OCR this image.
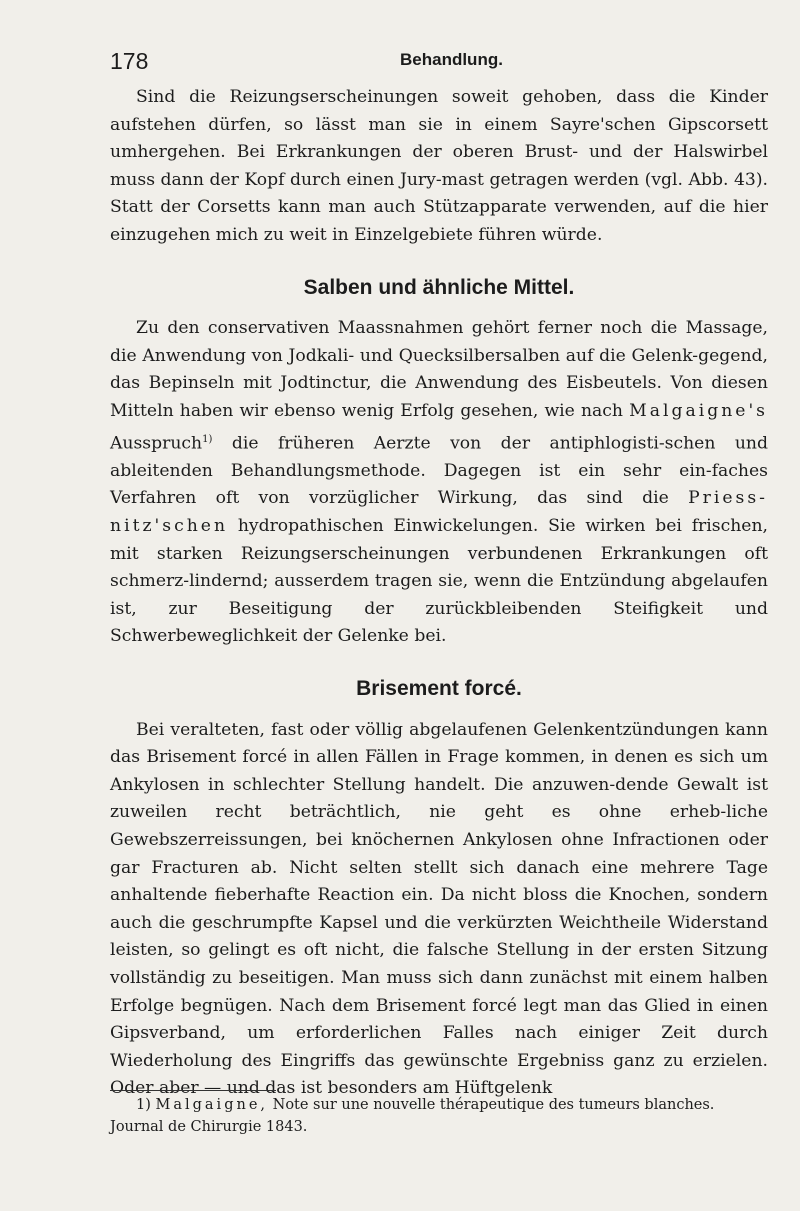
178	Behandlung.

Sind die Reizungserscheinungen soweit gehoben, dass die Kinder aufstehen dürfen, so lässt man sie in einem Sayre'schen Gipscorsett umhergehen. Bei Erkrankungen der oberen Brust- und der Halswirbel muss dann der Kopf durch einen Jury-mast getragen werden (vgl. Abb. 43). Statt der Corsetts kann man auch Stützapparate verwenden, auf die hier einzugehen mich zu weit in Einzelgebiete führen würde.

Salben und ähnliche Mittel.

Zu den conservativen Maassnahmen gehört ferner noch die Massage, die Anwendung von Jodkali- und Quecksilbersalben auf die Gelenk-gegend, das Bepinseln mit Jodtinctur, die Anwendung des Eisbeutels. Von diesen Mitteln haben wir ebenso wenig Erfolg gesehen, wie nach Malgaigne's Ausspruch$^{1)}$ die früheren Aerzte von der antiphlogisti-schen und ableitenden Behandlungsmethode. Dagegen ist ein sehr ein-faches Verfahren oft von vorzüglicher Wirkung, das sind die Priess-nitz'schen hydropathischen Einwickelungen. Sie wirken bei frischen, mit starken Reizungserscheinungen verbundenen Erkrankungen oft schmerz-lindernd; ausserdem tragen sie, wenn die Entzündung abgelaufen ist, zur Beseitigung der zurückbleibenden Steifigkeit und Schwerbeweglichkeit der Gelenke bei.

Brisement forcé.

Bei veralteten, fast oder völlig abgelaufenen Gelenkentzündungen kann das Brisement forcé in allen Fällen in Frage kommen, in denen es sich um Ankylosen in schlechter Stellung handelt. Die anzuwen-dende Gewalt ist zuweilen recht beträchtlich, nie geht es ohne erheb-liche Gewebszerreissungen, bei knöchernen Ankylosen ohne Infractionen oder gar Fracturen ab. Nicht selten stellt sich danach eine mehrere Tage anhaltende fieberhafte Reaction ein. Da nicht bloss die Knochen, sondern auch die geschrumpfte Kapsel und die verkürzten Weichtheile Widerstand leisten, so gelingt es oft nicht, die falsche Stellung in der ersten Sitzung vollständig zu beseitigen. Man muss sich dann zunächst mit einem halben Erfolge begnügen. Nach dem Brisement forcé legt man das Glied in einen Gipsverband, um erforderlichen Falles nach einiger Zeit durch Wiederholung des Eingriffs das gewünschte Ergebniss ganz zu erzielen. Oder aber — und das ist besonders am Hüftgelenk

1) Malgaigne, Note sur une nouvelle thérapeutique des tumeurs blanches. Journal de Chirurgie 1843.
